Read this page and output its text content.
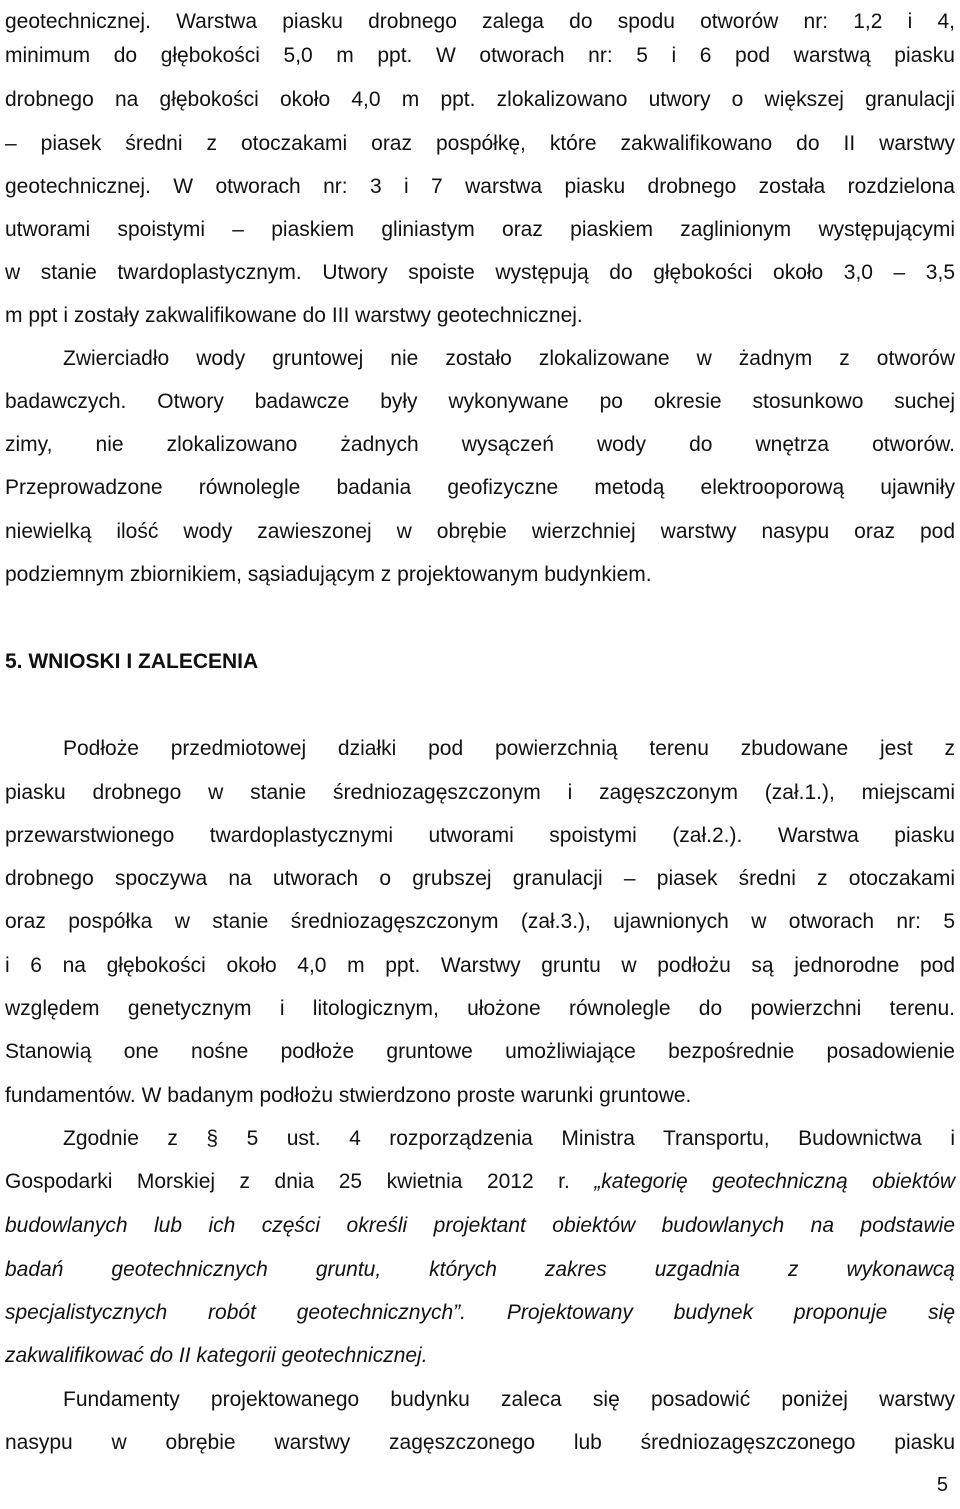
geotechnicznej. Warstwa piasku drobnego zalega do spodu otworów nr: 1,2 i 4,
minimum do głębokości 5,0 m ppt. W otworach nr: 5 i 6 pod warstwą piasku
drobnego na głębokości około 4,0 m ppt. zlokalizowano utwory o większej granulacji
– piasek średni z otoczakami oraz pospółkę, które zakwalifikowano do II warstwy
geotechnicznej. W otworach nr: 3 i 7 warstwa piasku drobnego została rozdzielona
utworami spoistymi – piaskiem gliniastym oraz piaskiem zaglinionym występującymi
w stanie twardoplastycznym. Utwory spoiste występują do głębokości około 3,0 – 3,5
m ppt i zostały zakwalifikowane do III warstwy geotechnicznej.
Zwierciadło wody gruntowej nie zostało zlokalizowane w żadnym z otworów
badawczych. Otwory badawcze były wykonywane po okresie stosunkowo suchej
zimy, nie zlokalizowano żadnych wysączeń wody do wnętrza otworów.
Przeprowadzone równolegle badania geofizyczne metodą elektrooporową ujawniły
niewielką ilość wody zawieszonej w obrębie wierzchniej warstwy nasypu oraz pod
podziemnym zbiornikiem, sąsiadującym z projektowanym budynkiem.
5. WNIOSKI I ZALECENIA
Podłoże przedmiotowej działki pod powierzchnią terenu zbudowane jest z
piasku drobnego w stanie średniozagęszczonym i zagęszczonym (zał.1.), miejscami
przewarstwionego twardoplastycznymi utworami spoistymi (zał.2.). Warstwa piasku
drobnego spoczywa na utworach o grubszej granulacji – piasek średni z otoczakami
oraz pospółka w stanie średniozagęszczonym (zał.3.), ujawnionych w otworach nr: 5
i 6 na głębokości około 4,0 m ppt. Warstwy gruntu w podłożu są jednorodne pod
względem genetycznym i litologicznym, ułożone równolegle do powierzchni terenu.
Stanowią one nośne podłoże gruntowe umożliwiające bezpośrednie posadowienie
fundamentów. W badanym podłożu stwierdzono proste warunki gruntowe.
Zgodnie z § 5 ust. 4 rozporządzenia Ministra Transportu, Budownictwa i
Gospodarki Morskiej z dnia 25 kwietnia 2012 r. „kategorię geotechniczną obiektów
budowlanych lub ich części określi projektant obiektów budowlanych na podstawie
badań geotechnicznych gruntu, których zakres uzgadnia z wykonawcą
specjalistycznych robót geotechnicznych”. Projektowany budynek proponuje się
zakwalifikować do II kategorii geotechnicznej.
Fundamenty projektowanego budynku zaleca się posadowić poniżej warstwy
nasypu w obrębie warstwy zagęszczonego lub średniozagęszczonego piasku
5
